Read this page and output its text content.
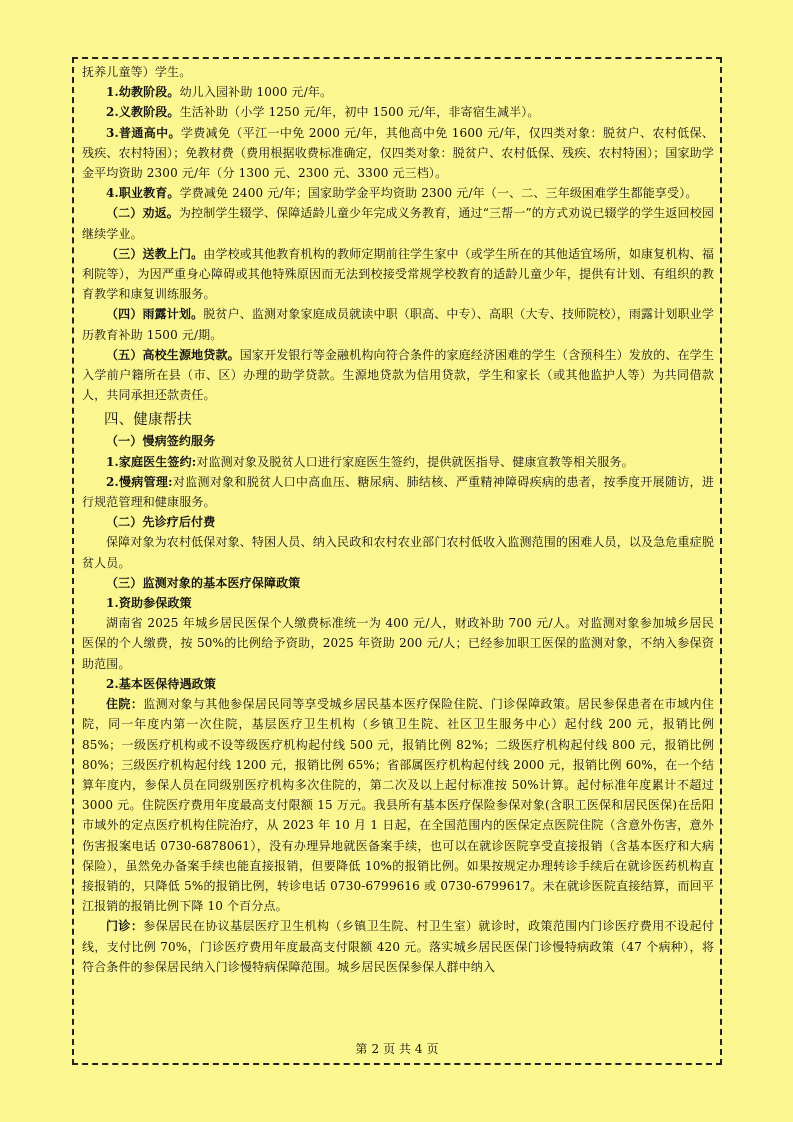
抚养儿童等）学生。

1.幼教阶段。幼儿入园补助 1000 元/年。

2.义教阶段。生活补助（小学 1250 元/年，初中 1500 元/年，非寄宿生减半）。

3.普通高中。学费减免（平江一中免 2000 元/年，其他高中免 1600 元/年，仅四类对象：脱贫户、农村低保、残疾、农村特困）；免教材费（费用根据收费标准确定，仅四类对象：脱贫户、农村低保、残疾、农村特困）；国家助学金平均资助 2300 元/年（分 1300 元、2300 元、3300 元三档）。

4.职业教育。学费减免 2400 元/年；国家助学金平均资助 2300 元/年（一、二、三年级困难学生都能享受）。

（二）劝返。为控制学生辍学、保障适龄儿童少年完成义务教育，通过“三帮一”的方式劝说已辍学的学生返回校园继续学业。

（三）送教上门。由学校或其他教育机构的教师定期前往学生家中（或学生所在的其他适宜场所，如康复机构、福利院等），为因严重身心障碍或其他特殊原因而无法到校接受常规学校教育的适龄儿童少年，提供有计划、有组织的教育教学和康复训练服务。

（四）雨露计划。脱贫户、监测对象家庭成员就读中职（职高、中专）、高职（大专、技师院校），雨露计划职业学历教育补助 1500 元/期。

（五）高校生源地贷款。国家开发银行等金融机构向符合条件的家庭经济困难的学生（含预科生）发放的、在学生入学前户籍所在县（市、区）办理的助学贷款。生源地贷款为信用贷款，学生和家长（或其他监护人等）为共同借款人，共同承担还款责任。

四、健康帮扶

（一）慢病签约服务

1.家庭医生签约:对监测对象及脱贫人口进行家庭医生签约，提供就医指导、健康宣教等相关服务。

2.慢病管理:对监测对象和脱贫人口中高血压、糖尿病、肺结核、严重精神障碍疾病的患者，按季度开展随访，进行规范管理和健康服务。

（二）先诊疗后付费

保障对象为农村低保对象、特困人员、纳入民政和农村农业部门农村低收入监测范围的困难人员，以及急危重症脱贫人员。

（三）监测对象的基本医疗保障政策

1.资助参保政策

湖南省 2025 年城乡居民医保个人缴费标准统一为 400 元/人，财政补助 700 元/人。对监测对象参加城乡居民医保的个人缴费，按 50%的比例给予资助，2025 年资助 200 元/人；已经参加职工医保的监测对象，不纳入参保资助范围。

2.基本医保待遇政策

住院：监测对象与其他参保居民同等享受城乡居民基本医疗保险住院、门诊保障政策。居民参保患者在市域内住院，同一年度内第一次住院，基层医疗卫生机构（乡镇卫生院、社区卫生服务中心）起付线 200 元，报销比例 85%；一级医疗机构或不设等级医疗机构起付线 500 元，报销比例 82%；二级医疗机构起付线 800 元，报销比例 80%；三级医疗机构起付线 1200 元，报销比例 65%；省部属医疗机构起付线 2000 元，报销比例 60%，在一个结算年度内，参保人员在同级别医疗机构多次住院的，第二次及以上起付标准按 50%计算。起付标准年度累计不超过 3000 元。住院医疗费用年度最高支付限额 15 万元。我县所有基本医疗保险参保对象(含职工医保和居民医保)在岳阳市域外的定点医疗机构住院治疗，从 2023 年 10 月 1 日起，在全国范围内的医保定点医院住院（含意外伤害，意外伤害报案电话 0730-6878061），没有办理异地就医备案手续，也可以在就诊医院享受直接报销（含基本医疗和大病保险），虽然免办备案手续也能直接报销，但要降低 10%的报销比例。如果按规定办理转诊手续后在就诊医药机构直接报销的，只降低 5%的报销比例，转诊电话 0730-6799616 或 0730-6799617。未在就诊医院直接结算，而回平江报销的报销比例下降 10 个百分点。

门诊：参保居民在协议基层医疗卫生机构（乡镇卫生院、村卫生室）就诊时，政策范围内门诊医疗费用不设起付线，支付比例 70%，门诊医疗费用年度最高支付限额 420 元。落实城乡居民医保门诊慢特病政策（47 个病种），将符合条件的参保居民纳入门诊慢特病保障范围。城乡居民医保参保人群中纳入

第 2 页 共 4 页
